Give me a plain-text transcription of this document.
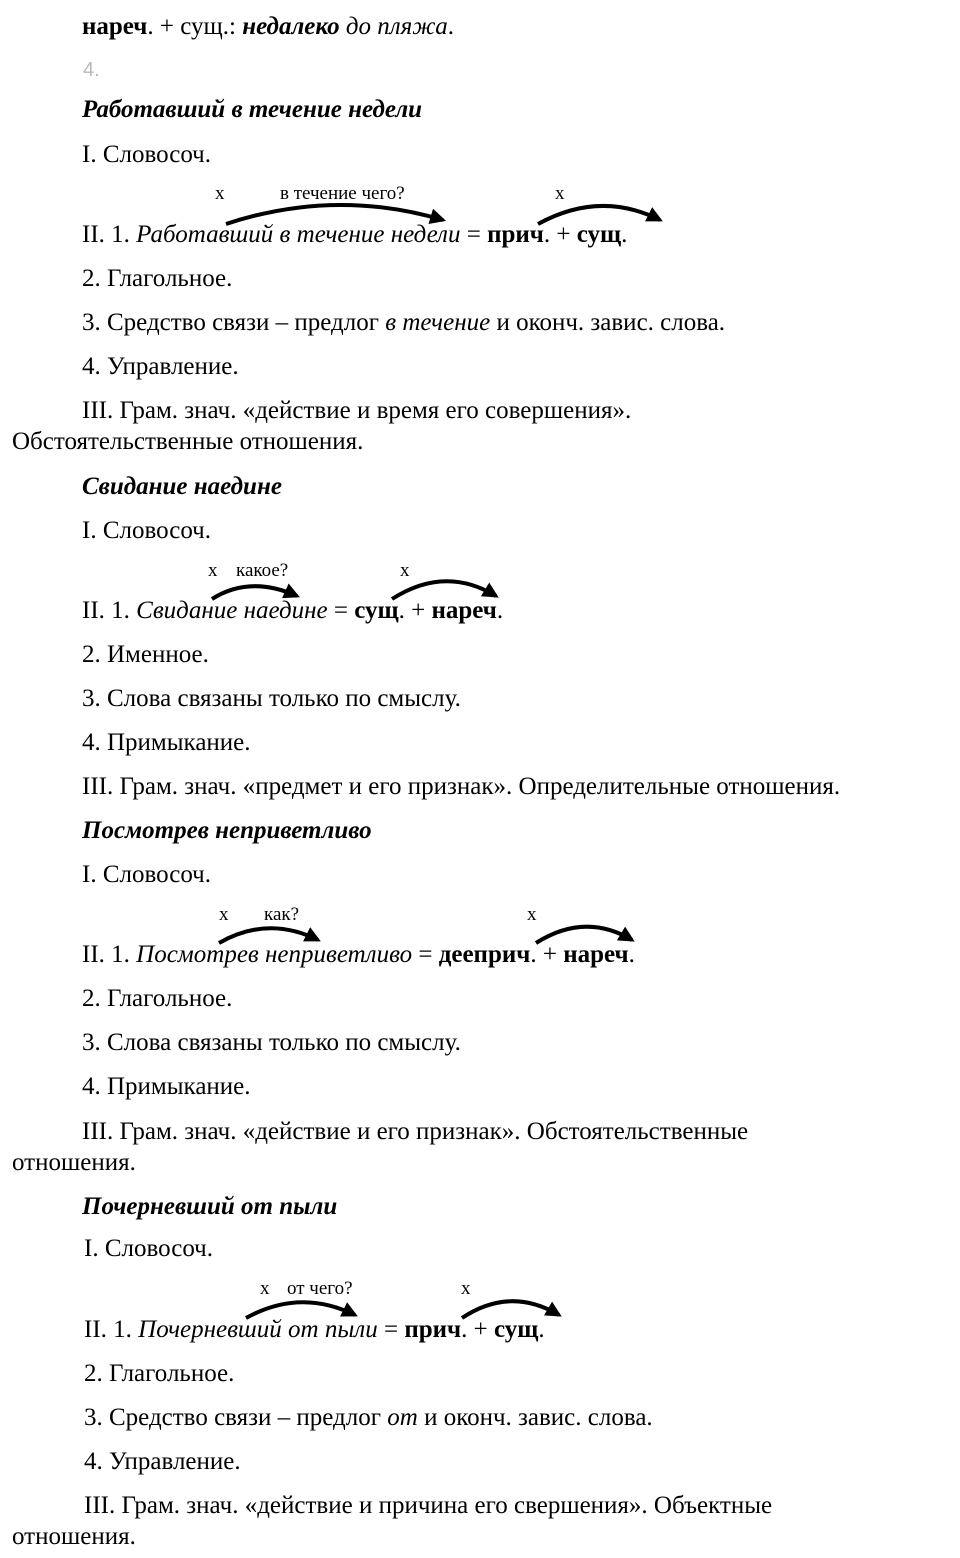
нареч. + сущ.: недалеко до пляжа.
4.
Работавший в течение недели
I. Словосоч.
х	в течение чего?	х
II. 1. Работавший в течение недели = прич. + сущ.
2. Глагольное.
3. Средство связи – предлог в течение и оконч. завис. слова.
4. Управление.
III. Грам. знач. «действие и время его совершения».
Обстоятельственные отношения.
Свидание наедине
I. Словосоч.
х какое?	х
II. 1. Свидание наедине = сущ. + нареч.
2. Именное.
3. Слова связаны только по смыслу.
4. Примыкание.
III. Грам. знач. «предмет и его признак». Определительные отношения.
Посмотрев неприветливо
I. Словосоч.
х как?	х
II. 1. Посмотрев неприветливо = дееприч. + нареч.
2. Глагольное.
3. Слова связаны только по смыслу.
4. Примыкание.
III. Грам. знач. «действие и его признак». Обстоятельственные
отношения.
Почерневший от пыли
I. Словосоч.
х от чего?	х
II. 1. Почерневший от пыли = прич. + сущ.
2. Глагольное.
3. Средство связи – предлог от и оконч. завис. слова.
4. Управление.
III. Грам. знач. «действие и причина его свершения». Объектные
отношения.
